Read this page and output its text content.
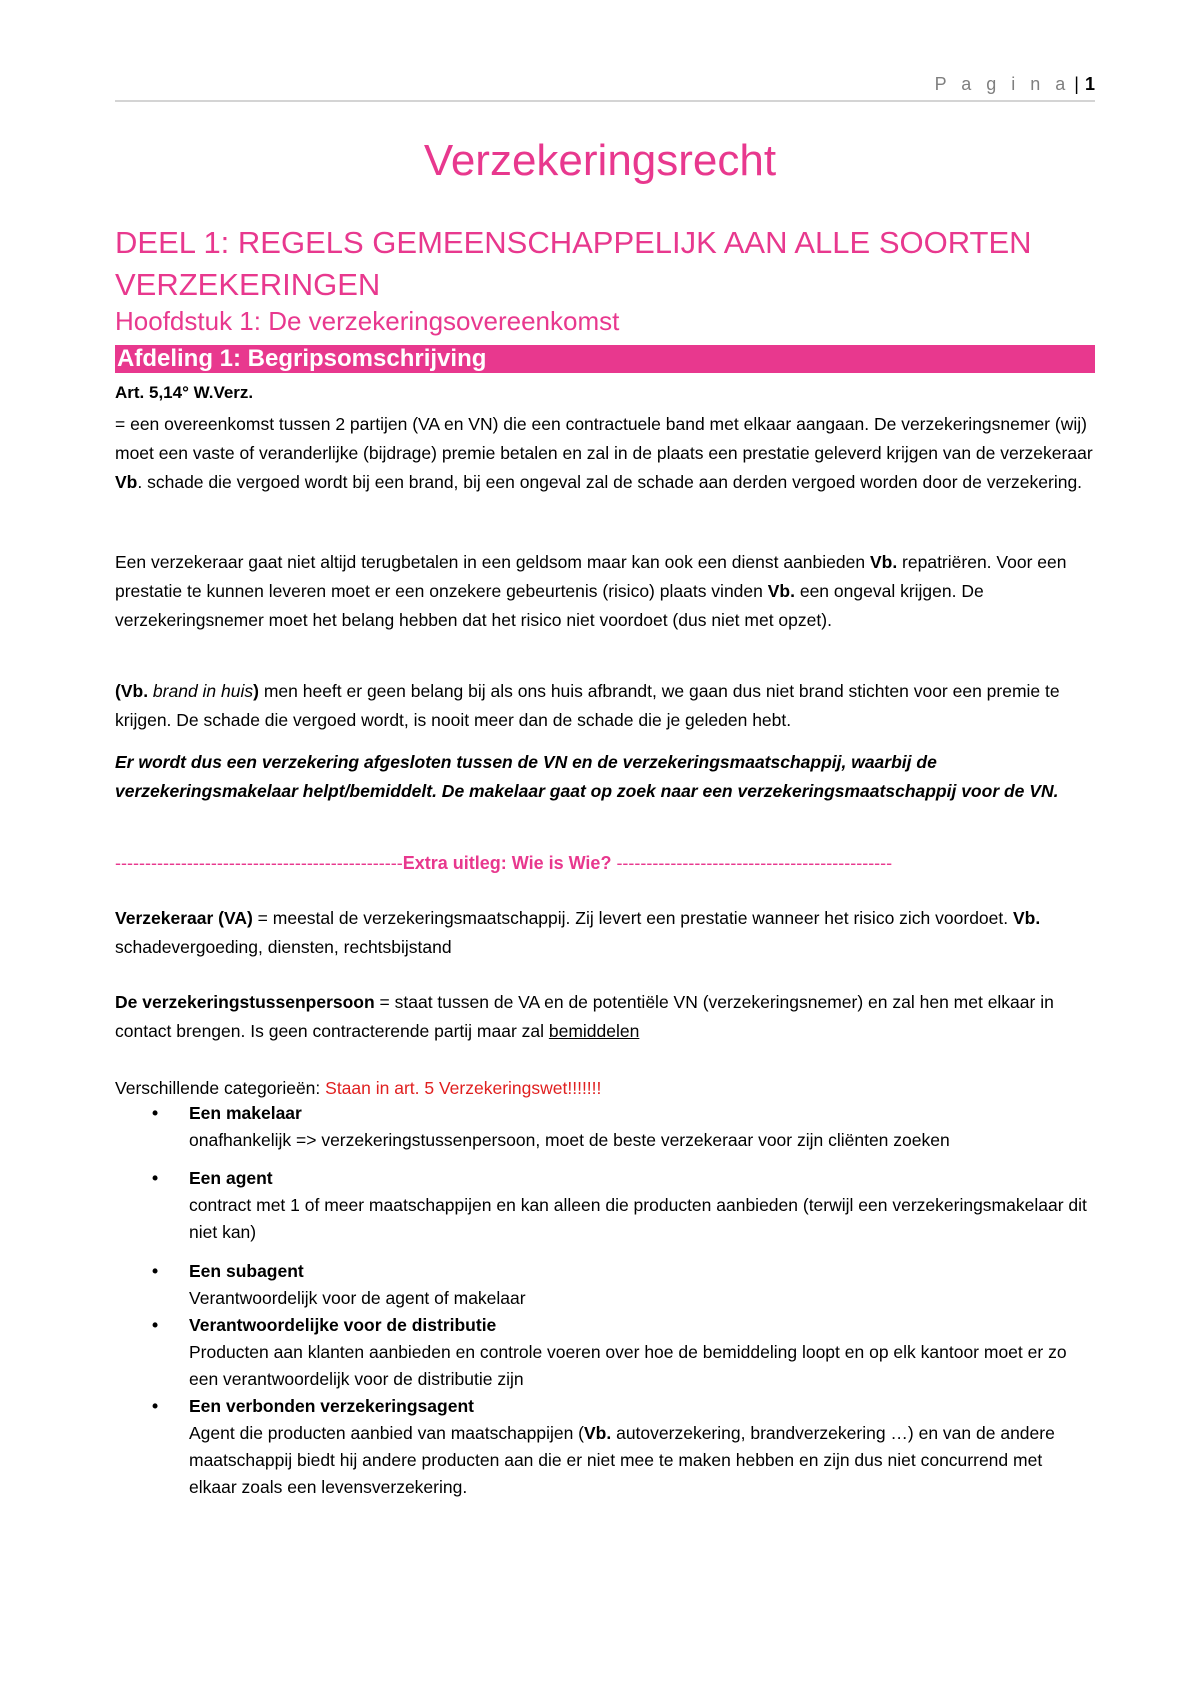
P a g i n a | 1
Verzekeringsrecht
DEEL 1: REGELS GEMEENSCHAPPELIJK AAN ALLE SOORTEN VERZEKERINGEN
Hoofdstuk 1: De verzekeringsovereenkomst
Afdeling 1: Begripsomschrijving
Art. 5,14° W.Verz.
= een overeenkomst tussen 2 partijen (VA en VN) die een contractuele band met elkaar aangaan. De verzekeringsnemer (wij) moet een vaste of veranderlijke (bijdrage) premie betalen en zal in de plaats een prestatie geleverd krijgen van de verzekeraar Vb. schade die vergoed wordt bij een brand, bij een ongeval zal de schade aan derden vergoed worden door de verzekering.
Een verzekeraar gaat niet altijd terugbetalen in een geldsom maar kan ook een dienst aanbieden Vb. repatriëren. Voor een prestatie te kunnen leveren moet er een onzekere gebeurtenis (risico) plaats vinden Vb. een ongeval krijgen. De verzekeringsnemer moet het belang hebben dat het risico niet voordoet (dus niet met opzet).
(Vb. brand in huis) men heeft er geen belang bij als ons huis afbrandt, we gaan dus niet brand stichten voor een premie te krijgen. De schade die vergoed wordt, is nooit meer dan de schade die je geleden hebt.
Er wordt dus een verzekering afgesloten tussen de VN en de verzekeringsmaatschappij, waarbij de verzekeringsmakelaar helpt/bemiddelt. De makelaar gaat op zoek naar een verzekeringsmaatschappij voor de VN.
------------------------------------------------Extra uitleg: Wie is Wie? ----------------------------------------------
Verzekeraar (VA) = meestal de verzekeringsmaatschappij. Zij levert een prestatie wanneer het risico zich voordoet. Vb. schadevergoeding, diensten, rechtsbijstand
De verzekeringstussenpersoon = staat tussen de VA en de potentiële VN (verzekeringsnemer) en zal hen met elkaar in contact brengen. Is geen contracterende partij maar zal bemiddelen
Verschillende categorieën: Staan in art. 5 Verzekeringswet!!!!!!!
• Een makelaar
onafhankelijk => verzekeringstussenpersoon, moet de beste verzekeraar voor zijn cliënten zoeken
• Een agent
contract met 1 of meer maatschappijen en kan alleen die producten aanbieden (terwijl een verzekeringsmakelaar dit niet kan)
• Een subagent
Verantwoordelijk voor de agent of makelaar
• Verantwoordelijke voor de distributie
Producten aan klanten aanbieden en controle voeren over hoe de bemiddeling loopt en op elk kantoor moet er zo een verantwoordelijk voor de distributie zijn
• Een verbonden verzekeringsagent
Agent die producten aanbied van maatschappijen (Vb. autoverzekering, brandverzekering …) en van de andere maatschappij biedt hij andere producten aan die er niet mee te maken hebben en zijn dus niet concurrend met elkaar zoals een levensverzekering.
